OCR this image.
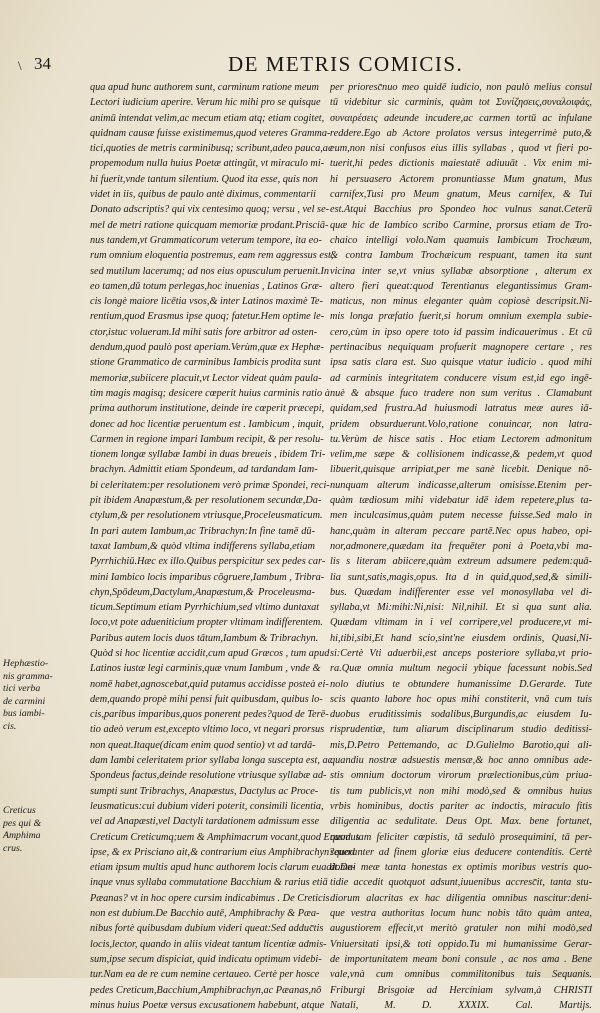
\ 34	DE METRIS COMICIS.
qua apud hunc authorem sunt, carminum ratione meum
Lectori iudicium aperire. Verum hic mihi pro se quisque
animū intendat velim,ac mecum etiam atq; etiam cogitet,
quidnam causæ fuisse existimemus,quod veteres Gramma-
tici,quoties de metris carminibusq; scribunt,adeo pauca,ac
propemodum nulla huius Poetæ attingūt, vt miraculo mi-
hi fuerit,vnde tantum silentium. Quod ita esse, quis non
videt in iis, quibus de paulo antè diximus, commentarii
Donato adscriptis? qui vix centesimo quoq; versu , vel se-
mel de metri ratione quicquam memoriæ prodant.Prisciā-
nus tandem,vt Grammaticorum veterum tempore, ita eo-
rum omnium eloquentia postremus, eam rem aggressus est,
sed mutilum lacerumq; ad nos eius opusculum peruenit.In
eo tamen,dū totum perlegas,hoc inuenias , Latinos Græ-
cis longè maiore licētia vsos,& inter Latinos maximè Te-
rentium,quod Erasmus ipse quoq; fatetur.Hem optime le-
ctor,istuc volueram.Id mihi satis fore arbitror ad osten-
dendum,quod paulò post aperiam.Verùm,quæ ex Hephæ-
stione Grammatico de carminibus Iambicis prodita sunt
memoriæ,subiicere placuit,vt Lector videat quàm paula-
tim magis magisq; desicere cœperit huius carminis ratio à
prima authorum institutione, deinde ire cœperit præcepi,
donec ad hoc licentiæ peruentum est . Iambicum , inquit,
Carmen in regione impari Iambum recipit, & per resolu-
tionem longæ syllabæ Iambi in duas breueis , ibidem Tri-
brachyn. Admittit etiam Spondeum, ad tardandam Iam-
bi celeritatem:per resolutionem verò primæ Spondei, reci-
pit ibidem Anapæstum,& per resolutionem secundæ,Da-
ctylum,& per resolutionem vtriusque,Proceleusmaticum.
In pari autem Iambum,ac Tribrachyn:In fine tamē dū-
taxat Iambum,& quòd vltima indifferens syllaba,etiam
Pyrrhichiū.Hæc ex illo.Quibus perspicitur sex pedes car-
mini Iambico locis imparibus cōgruere,Iambum , Tribra-
chyn,Spōdeum,Dactylum,Anapæstum,& Proceleusma-
ticum.Septimum etiam Pyrrhichium,sed vltimo duntaxat
loco,vt pote adueniticium propter vltimam indifferentem.
Paribus autem locis duos tātum,Iambum & Tribrachyn.
Quòd si hoc licentiæ accidit,cum apud Græcos , tum apud
Latinos iustæ legi carminis,quæ vnum Iambum , vnde &
nomē habet,agnoscebat,quid putamus accidisse posteà ei-
dem,quando propè mihi pensi fuit quibusdam, quibus lo-
cis,paribus imparibus,quos ponerent pedes?quod de Terē-
tio adeò verum est,excepto vltimo loco, vt negari prorsus
non queat.Itaque(dicam enim quod sentio) vt ad tardā-
dam Iambi celeritatem prior syllaba longa suscepta est, ac
Spondeus factus,deinde resolutione vtriusque syllabæ ad-
sumpti sunt Tribrachys, Anapæstus, Dactylus ac Proce-
leusmaticus:cui dubium videri poterit, consimili licentia,
vel ad Anapæsti,vel Dactyli tardationem admissum esse
Creticum Creticumq;uem & Amphimacrum vocant,quod Erasmus
ipse, & ex Prisciano ait,& contrarium eius Amphibrachyn?quod
etiam ipsum multis apud hunc authorem locis clarum euadit.De-
inque vnus syllaba commutatione Bacchium & rarius etiā
Pæanas? vt in hoc opere cursim indicabimus . De Creticis
non est dubium.De Bacchio autē, Amphibrachy & Pæa-
nibus fortè quibusdam dubium videri queat:Sed adduc̄tis
locis,lector, quando in aliis videat tantum licentiæ admis-
sum,ipse secum dispiciat, quid indicatu optimum videbi-
tur.Nam ea de re cum nemine certaueo. Certè per hosce
pedes Creticum,Bacchium,Amphibrachyn,ac Pæanas,nō
minus huius Poetæ versus excusationem habebunt, atque
per prioresc̄nuo meo quidē iudicio, non paulò melius consul
tū videbitur sic carminis, quàm tot Συνίζησεις,συναλοιφάς,
συναιρέσεις adeunde incudere,ac carmen tortū ac infulane
reddere.Ego ab Actore prolatos versus integerrimè puto,&
eum,non nisi confusos eius illis syllabas , quod vt fieri po-
tuerit,hi pedes dictionis maiestatē adiuuāt . Vix enim mi-
hi persuasero Actorem pronuntiasse Mum gnatum, Mus
carnifex,Tusi pro Meum gnatum, Meus carnifex, & Tui
est.Atqui Bacchius pro Spondeo hoc vulnus sanat.Ceterū
quæ hic de Iambico scribo Carmine, prorsus etiam de Tro-
chaico intelligi volo.Nam quamuis Iambicum Trochæum,
& contra Iambum Trochæicum respuant, tamen ita sunt
vicina inter se,vt vnius syllabæ absorptione , alterum ex
altero fieri queat:quod Terentianus elegantissimus Gram-
maticus, non minus eleganter quàm copiosè descripsit.Ni-
mis longa præfatio fuerit,si horum omnium exempla subie-
cero,cùm in ipso opere toto id passim indicauerimus . Et cū
pertinacibus nequiquam profuerit magnopere certare , res
ipsa satis clara est. Suo quisque vtatur iudicio . quod mihi
ad carminis integritatem conducere visum est,id ego ingē-
nuè & absque fuco tradere non sum veritus . Clamabunt
quidam,sed frustra.Ad huiusmodi latratus meæ aures iā-
pridem obsurduerunt.Volo,ratione conuincar, non latra-
tu.Verùm de hisce satis . Hoc etiam Lectorem admonitum
velim,me sæpe & collisionem indicasse,& pedem,vt quod
libuerit,quisque arripiat,per me sanè licebit. Denique nō-
nunquam alterum indicasse,alterum omisisse.Etenim per-
quàm tædiosum mihi videbatur idē idem repetere,plus ta-
men inculcasimus,quàm putem necesse fuisse.Sed malo in
hanc,quàm in alteram peccare partē.Nec opus habeo, opi-
nor,admonere,quædam ita frequēter poni à Poeta,vbi ma-
lis s literam abiicere,quàm extreum adsumere pedem:quā-
lia sunt,satis,magis,opus. Ita d in quid,quod,sed,& simili-
bus. Quædam indifferenter esse vel monosyllaba vel di-
syllaba,vt Mi:mihi:Ni,nisi: Nil,nihil. Et si qua sunt alia.
Quædam vltimam in i vel corripere,vel producere,vt mi-
hi,tibi,sibi,Et hand scio,sint'ne eiusdem ordinis, Quasi,Ni-
si:Certè Vti aduerbii,est anceps posteriore syllaba,vt prio-
ra.Quæ omnia multum negocii ybique facessunt nobis.Sed
nolo diutius te obtundere humanissime D.Gerarde. Tute
scis quanto labore hoc opus mihi constiterit, vnā cum tuis
duobus eruditissimis sodalibus,Burgundis,ac eiusdem Iu-
risprudentiæ, tum aliarum disciplinarum studio deditissi-
mis,D.Petro Pettemando, ac D.Gulielmo Barotio,qui ali-
quandiu nostræ adsuestis mensæ,& hoc anno omnibus ade-
stis omnium doctorum virorum prælectionibus,cùm priua-
tis tum publicis,vt non mihi modò,sed & omnibus huius
vrbis hominibus, doctis pariter ac indoctis, miraculo fitis
diligentia ac sedulitate. Deus Opt. Max. bene fortunet,
quod tam feliciter cœpistis, tā sedulò prosequimini, tā per-
seueranter ad finem gloriæ eius deducere contenditis. Certè
domui meæ tanta honestas ex optimis moribus vestris quo-
tidie accedit quotquot adsunt,iuuenibus accresc̄it, tanta stu-
diorum alacritas ex hac diligentia omnibus nascitur:deni-
que vestra authoritas locum hunc nobis tāto quàm antea,
augustiorem effecit,vt meritò gratuler non mihi modò,sed
Vniuersitati ipsi,& toti oppido.Tu mi humanissime Gerar-
de importunitatem meam boni consule , ac nos ama . Bene
vale,vnà cum omnibus commilitonibus tuis Sequanis.
Friburgi Brisgoiæ ad Hercíniam sylvam,à CHRISTI
Natali, M. D. XXXIX. Cal. Martijs.
Hephæstio-
nis gramma-
tici verba
de carmini
bus iambi-
cis.
Creticus
pes qui &
Amphima
crus.
